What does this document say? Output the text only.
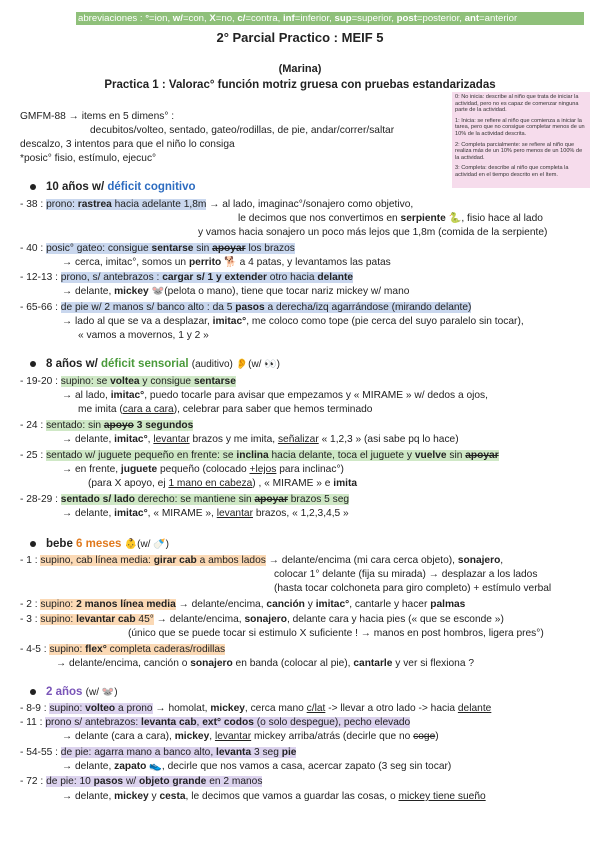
abreviaciones : °=ion, w/=con, X=no, c/=contra, inf=inferior, sup=superior, post=posterior, ant=anterior
2° Parcial Practico : MEIF 5
(Marina)
Practica 1 : Valorac° función motriz gruesa con pruebas estandarizadas

0: No inicia: describe al niño que trata de iniciar la actividad, pero no es capaz de comenzar ninguna parte de la actividad.

1: Inicia: se refiere al niño que comienza a iniciar la tarea, pero que no consigue completar menos de un 10% de la actividad descrita.

2: Completa parcialmente: se refiere al niño que realiza más de un 10% pero menos de un 100% de la actividad.

3: Completa: describe al niño que completa la actividad en el tiempo descrito en el ítem.

GMFM-88 → items en 5 dimens° :
decubitos/volteo, sentado, gateo/rodillas, de pie, andar/correr/saltar
descalzo, 3 intentos para que el niño lo consiga
*posic° fisio, estímulo, ejecuc°
10 años w/ déficit cognitivo
- 38 : prono: rastrea hacia adelante 1,8m → al lado, imaginac°/sonajero como objetivo,
le decimos que nos convertimos en serpiente 🐍, fisio hace al lado
y vamos hacia sonajero un poco más lejos que 1,8m (comida de la serpiente)
- 40 : posic° gateo: consigue sentarse sin apoyar los brazos
→ cerca, imitac°, somos un perrito 🐕 a 4 patas, y levantamos las patas
- 12-13 : prono, s/ antebrazos : cargar s/ 1 y extender otro hacia delante
→ delante, mickey 🐭(pelota o mano), tiene que tocar nariz mickey w/ mano
- 65-66 : de pie w/ 2 manos s/ banco alto : da 5 pasos a derecha/izq agarrándose (mirando delante)
→ lado al que se va a desplazar, imitac°, me coloco como tope (pie cerca del suyo paralelo sin tocar),
« vamos a movernos, 1 y 2 »
8 años w/ déficit sensorial (auditivo) 👂(w/ 👀)
- 19-20 : supino: se voltea y consigue sentarse
→ al lado, imitac°, puedo tocarle para avisar que empezamos y « MIRAME » w/ dedos a ojos,
me imita (cara a cara), celebrar para saber que hemos terminado
- 24 : sentado: sin apoyo 3 segundos
→ delante, imitac°, levantar brazos y me imita, señalizar « 1,2,3 » (asi sabe pq lo hace)
- 25 : sentado w/ juguete pequeño en frente: se inclina hacia delante, toca el juguete y vuelve sin apoyar
→ en frente, juguete pequeño (colocado +lejos para inclinac°)
(para X apoyo, ej 1 mano en cabeza) , « MIRAME » e imita
- 28-29 : sentado s/ lado derecho: se mantiene sin apoyar brazos 5 seg
→ delante, imitac°, « MIRAME », levantar brazos, « 1,2,3,4,5 »
bebe 6 meses 👶(w/ 🍼)
- 1 : supino, cab línea media: girar cab a ambos lados → delante/encima (mi cara cerca objeto), sonajero,
colocar 1° delante (fija su mirada) → desplazar a los lados
(hasta tocar colchoneta para giro completo) + estímulo verbal
- 2 : supino: 2 manos línea media → delante/encima, canción y imitac°, cantarle y hacer palmas
- 3 : supino: levantar cab 45° → delante/encima, sonajero, delante cara y hacia pies (« que se esconde »)
(único que se puede tocar si estimulo X suficiente ! → manos en post hombros, ligera pres°)
- 4-5 : supino: flex° completa caderas/rodillas
→ delante/encima, canción o sonajero en banda (colocar al pie), cantarle y ver si flexiona ?
2 años (w/ 🐭)
- 8-9 : supino: volteo a prono → homolat, mickey, cerca mano c/lat -> llevar a otro lado -> hacia delante
- 11 : prono s/ antebrazos: levanta cab, ext° codos (o solo despegue), pecho elevado
→ delante (cara a cara), mickey, levantar mickey arriba/atrás (decirle que no coge)
- 54-55 : de pie: agarra mano a banco alto, levanta 3 seg pie
→ delante, zapato 👟, decirle que nos vamos a casa, acercar zapato (3 seg sin tocar)
- 72 : de pie: 10 pasos w/ objeto grande en 2 manos
→ delante, mickey y cesta, le decimos que vamos a guardar las cosas, o mickey tiene sueño
